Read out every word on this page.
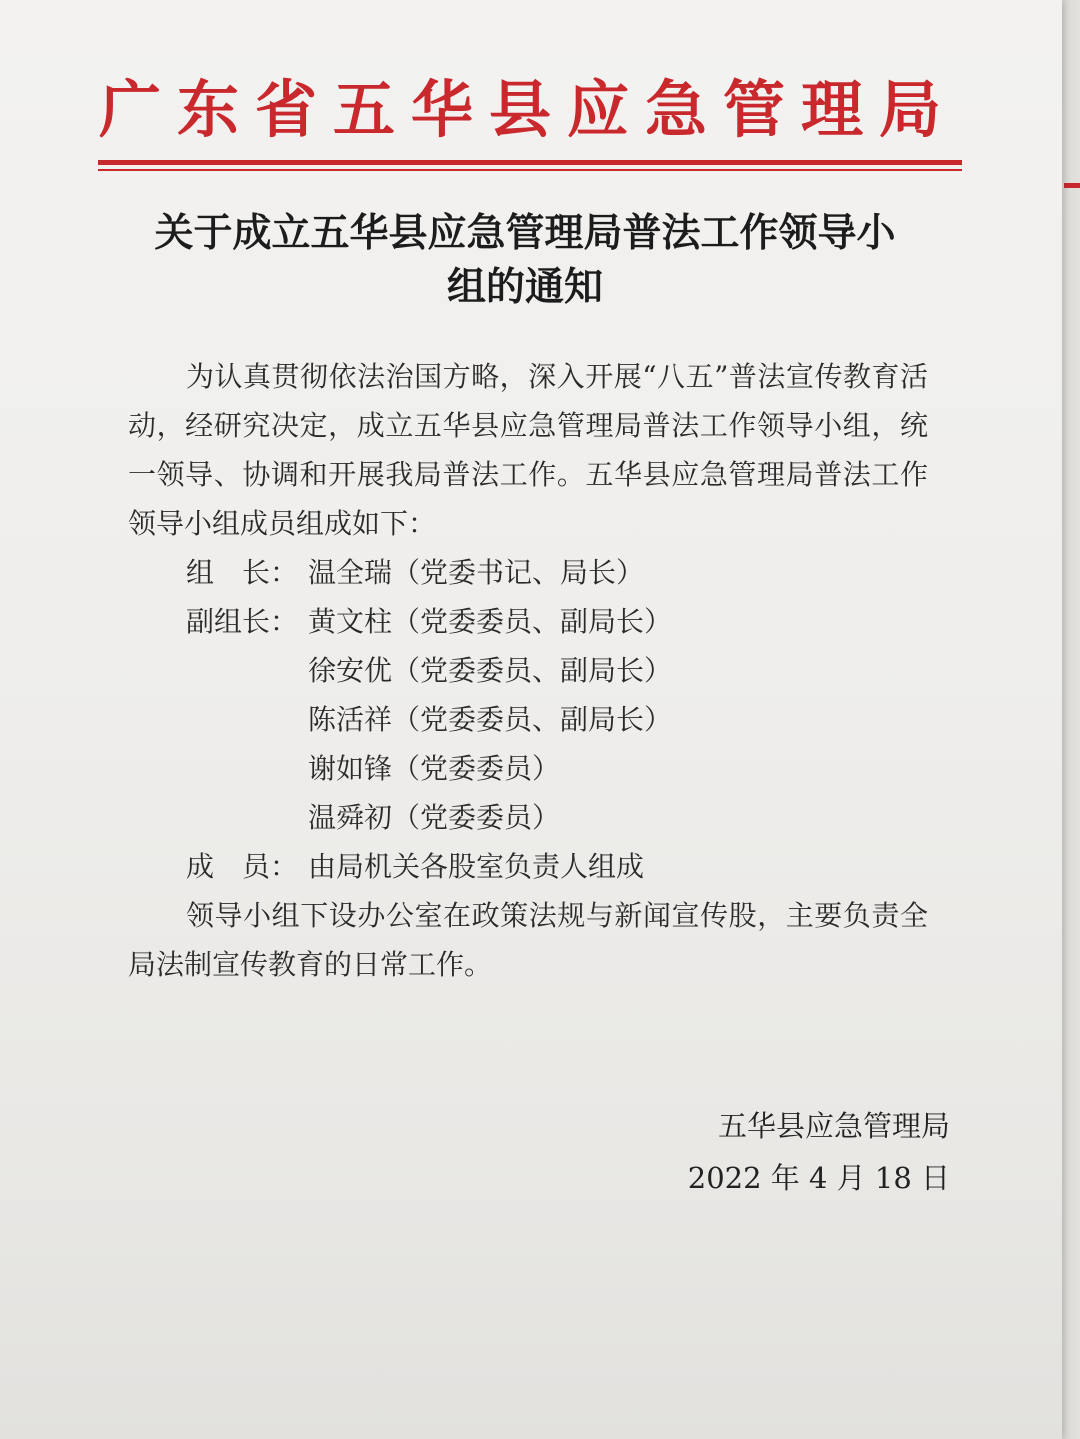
广东省五华县应急管理局
关于成立五华县应急管理局普法工作领导小
组的通知

为认真贯彻依法治国方略，深入开展“八五”普法宣传教育活动，经研究决定，成立五华县应急管理局普法工作领导小组，统一领导、协调和开展我局普法工作。五华县应急管理局普法工作领导小组成员组成如下：

组　长： 温全瑞（党委书记、局长）
副组长： 黄文柱（党委委员、副局长）
徐安优（党委委员、副局长）
陈活祥（党委委员、副局长）
谢如锋（党委委员）
温舜初（党委委员）
成　员： 由局机关各股室负责人组成

领导小组下设办公室在政策法规与新闻宣传股，主要负责全局法制宣传教育的日常工作。

五华县应急管理局
2022 年 4 月 18 日
